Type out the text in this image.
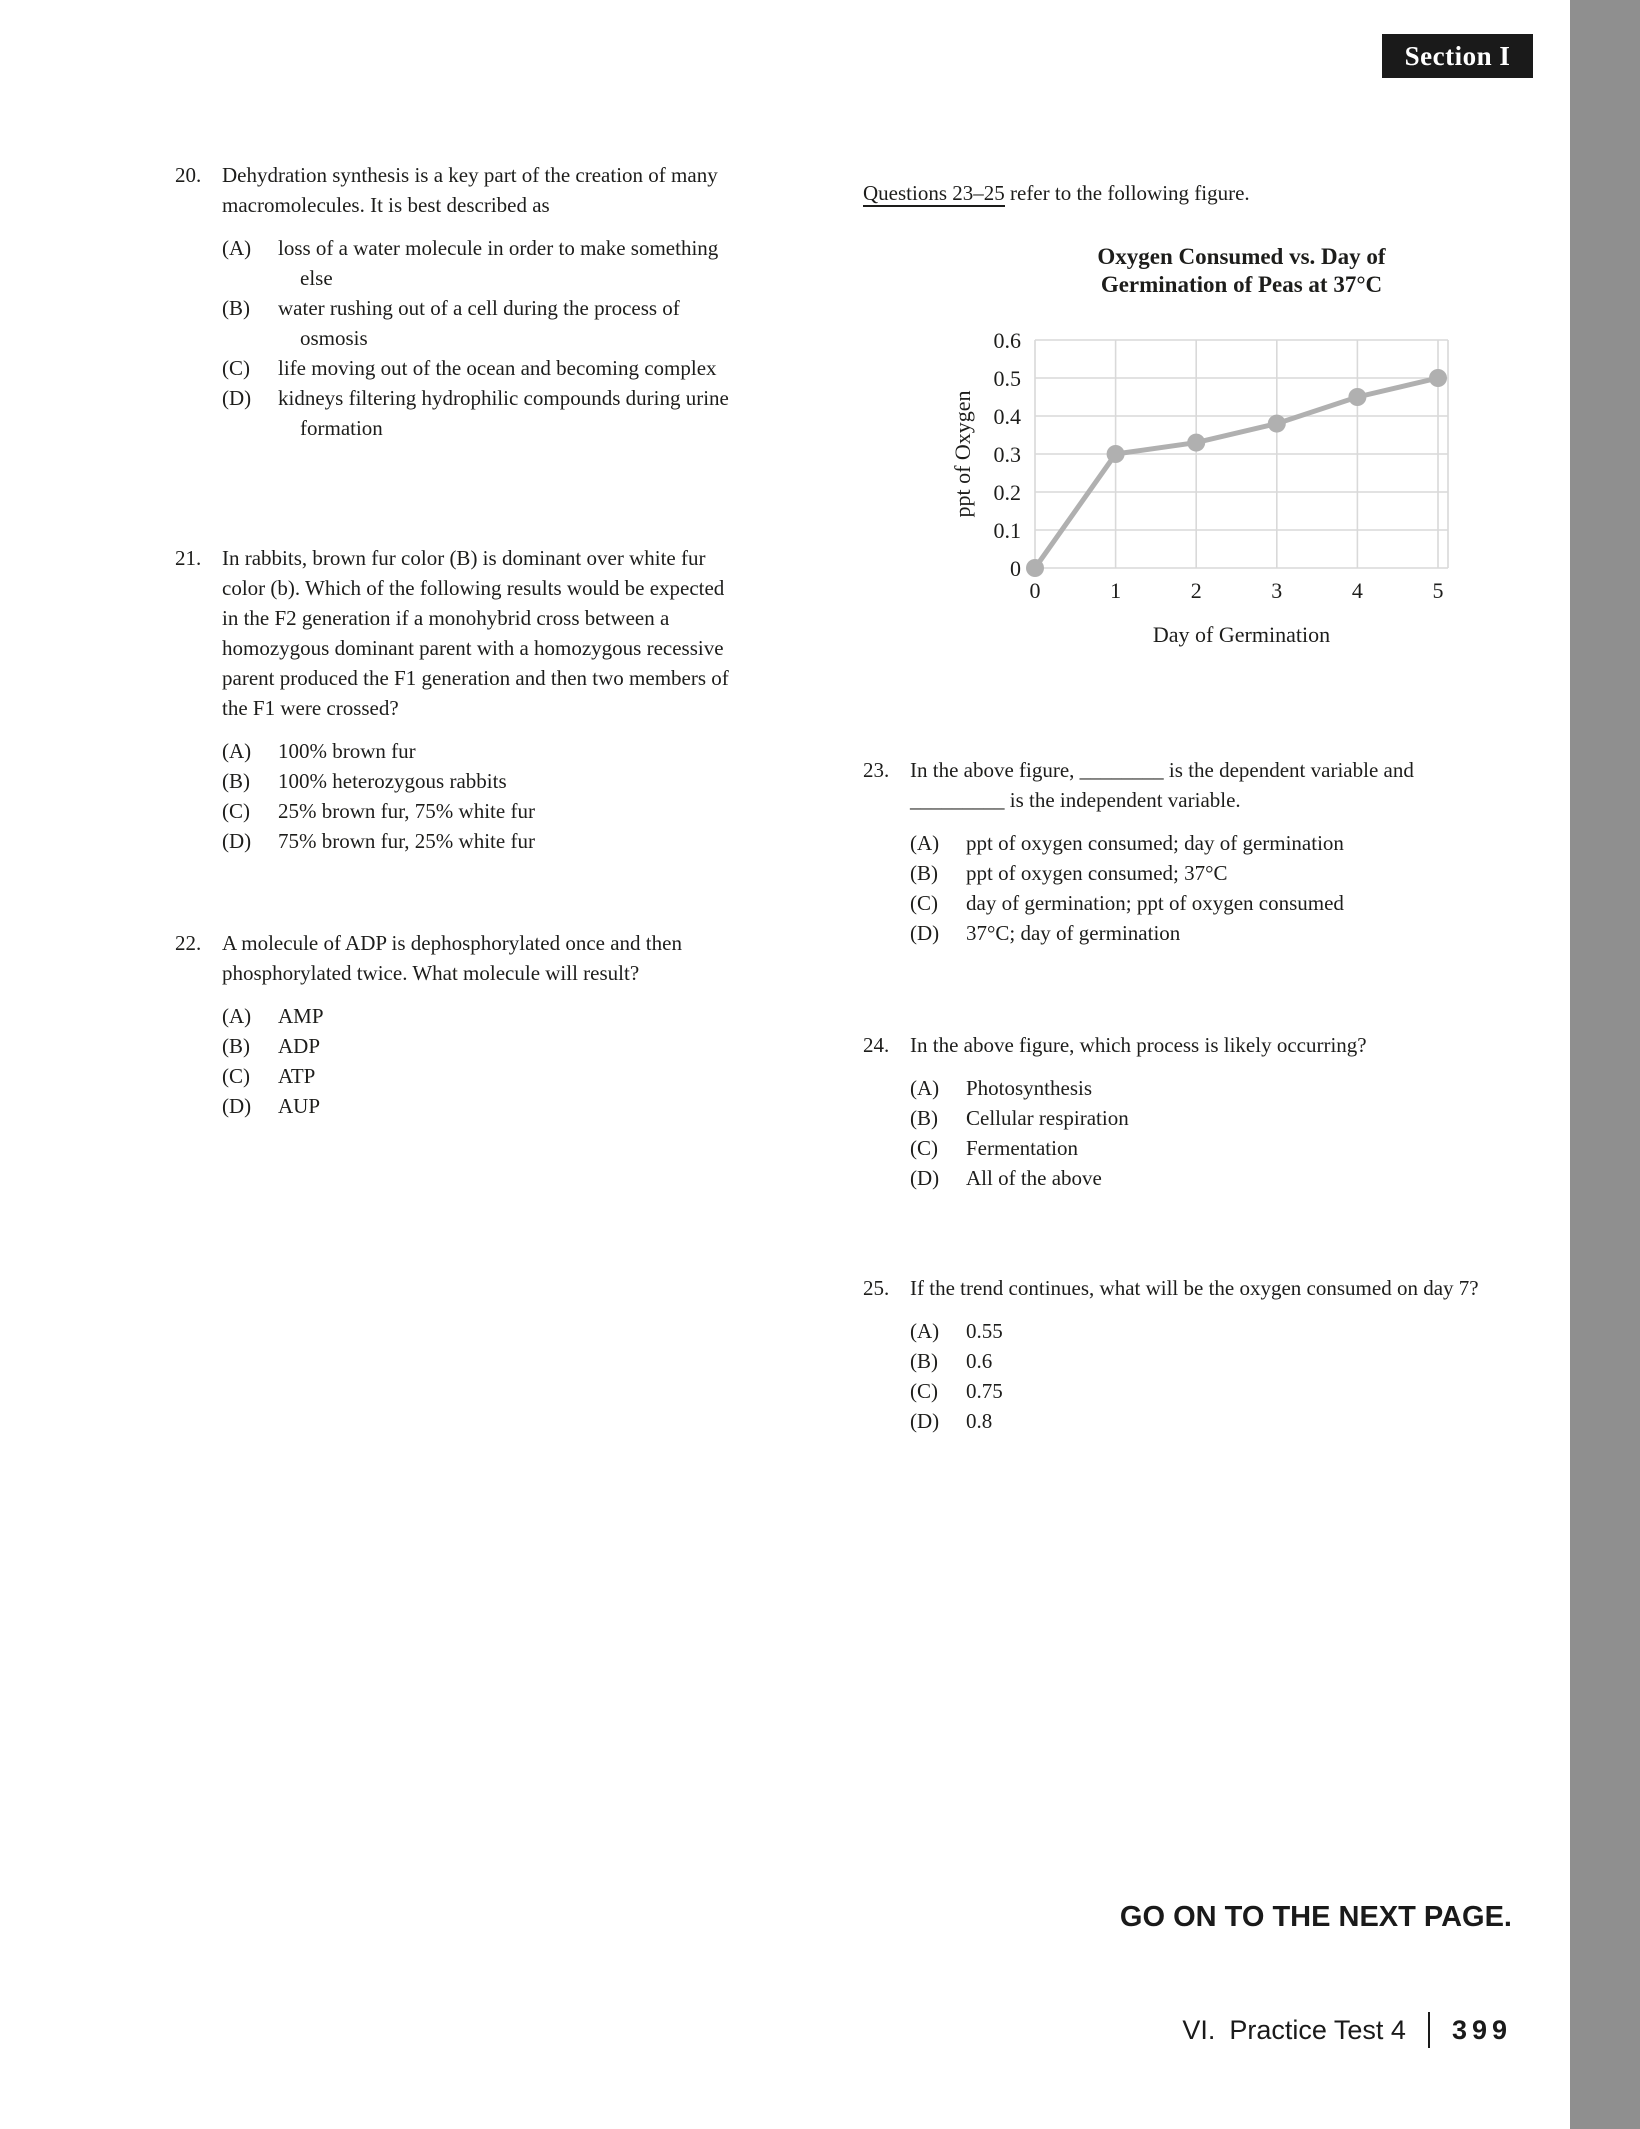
Section I
20. Dehydration synthesis is a key part of the creation of many macromolecules. It is best described as
(A)	loss of a water molecule in order to make something else
(B)	water rushing out of a cell during the process of osmosis
(C)	life moving out of the ocean and becoming complex
(D)	kidneys filtering hydrophilic compounds during urine formation
21. In rabbits, brown fur color (B) is dominant over white fur color (b). Which of the following results would be expected in the F2 generation if a monohybrid cross between a homozygous dominant parent with a homozygous recessive parent produced the F1 generation and then two members of the F1 were crossed?
(A)	100% brown fur
(B)	100% heterozygous rabbits
(C)	25% brown fur, 75% white fur
(D)	75% brown fur, 25% white fur
22. A molecule of ADP is dephosphorylated once and then phosphorylated twice. What molecule will result?
(A)	AMP
(B)	ADP
(C)	ATP
(D)	AUP
Questions 23–25 refer to the following figure.
Oxygen Consumed vs. Day of
Germination of Peas at 37°C
0
0.1
0.2
0.3
0.4
0.5
0.6
0	1	2	3	4	5
ppt of Oxygen
Day of Germination
23. In the above figure, ________ is the dependent variable and _________ is the independent variable.
(A)	ppt of oxygen consumed; day of germination
(B)	ppt of oxygen consumed; 37°C
(C)	day of germination; ppt of oxygen consumed
(D)	37°C; day of germination
24. In the above figure, which process is likely occurring?
(A)	Photosynthesis
(B)	Cellular respiration
(C)	Fermentation
(D)	All of the above
25. If the trend continues, what will be the oxygen consumed on day 7?
(A)	0.55
(B)	0.6
(C)	0.75
(D)	0.8
GO ON TO THE NEXT PAGE.
VI. Practice Test 4 399
